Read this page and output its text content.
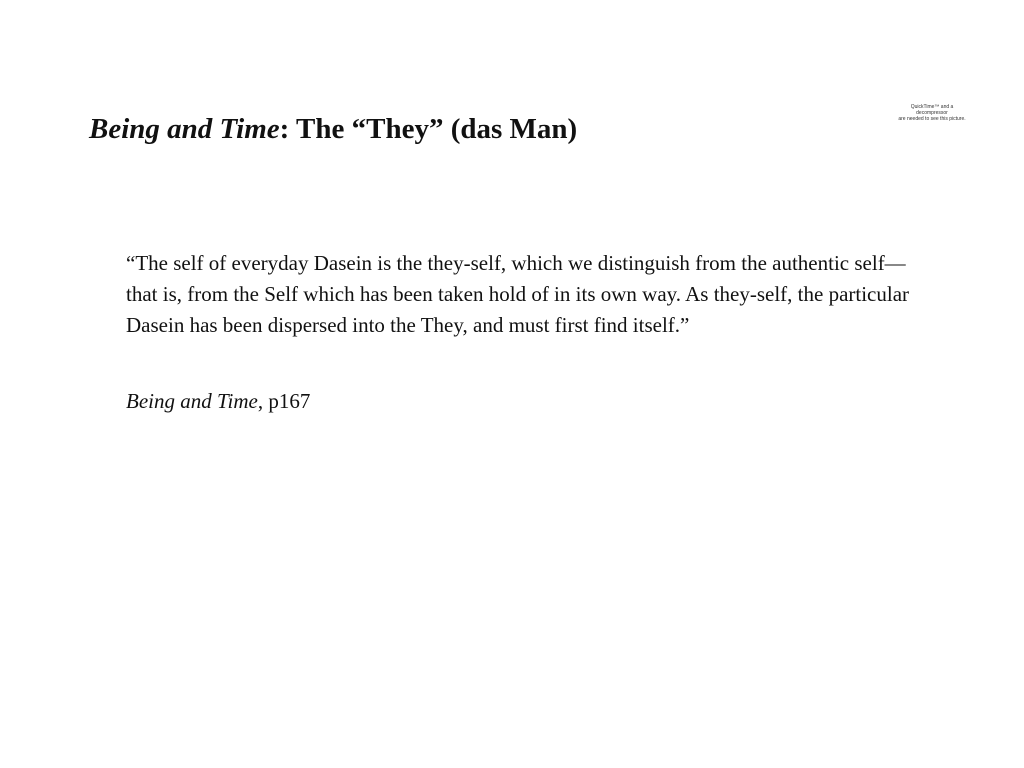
Being and Time: The “They” (das Man)
QuickTime™ and a
decompressor
are needed to see this picture.
“The self of everyday Dasein is the they-self, which we distinguish from the authentic self—that is, from the Self which has been taken hold of in its own way. As they-self, the particular Dasein has been dispersed into the They, and must first find itself.”
Being and Time, p167
